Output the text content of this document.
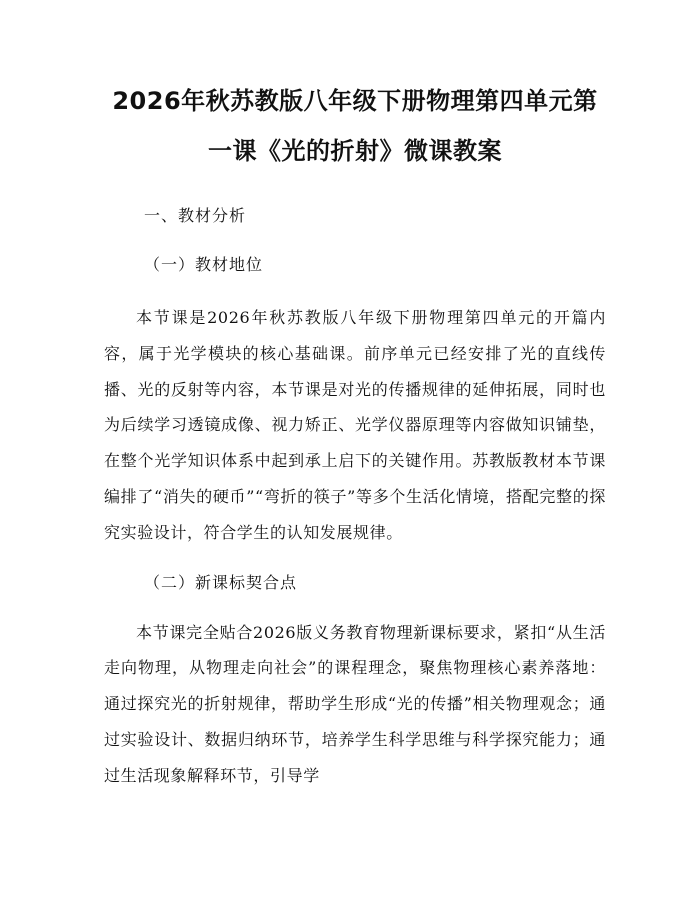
2026年秋苏教版八年级下册物理第四单元第
一课《光的折射》微课教案
一、教材分析
（一）教材地位

本节课是2026年秋苏教版八年级下册物理第四单元的开篇内容，属于光学模块的核心基础课。前序单元已经安排了光的直线传播、光的反射等内容，本节课是对光的传播规律的延伸拓展，同时也为后续学习透镜成像、视力矫正、光学仪器原理等内容做知识铺垫，在整个光学知识体系中起到承上启下的关键作用。苏教版教材本节课编排了“消失的硬币”“弯折的筷子”等多个生活化情境，搭配完整的探究实验设计，符合学生的认知发展规律。

（二）新课标契合点

本节课完全贴合2026版义务教育物理新课标要求，紧扣“从生活走向物理，从物理走向社会”的课程理念，聚焦物理核心素养落地：通过探究光的折射规律，帮助学生形成“光的传播”相关物理观念；通过实验设计、数据归纳环节，培养学生科学思维与科学探究能力；通过生活现象解释环节，引导学
